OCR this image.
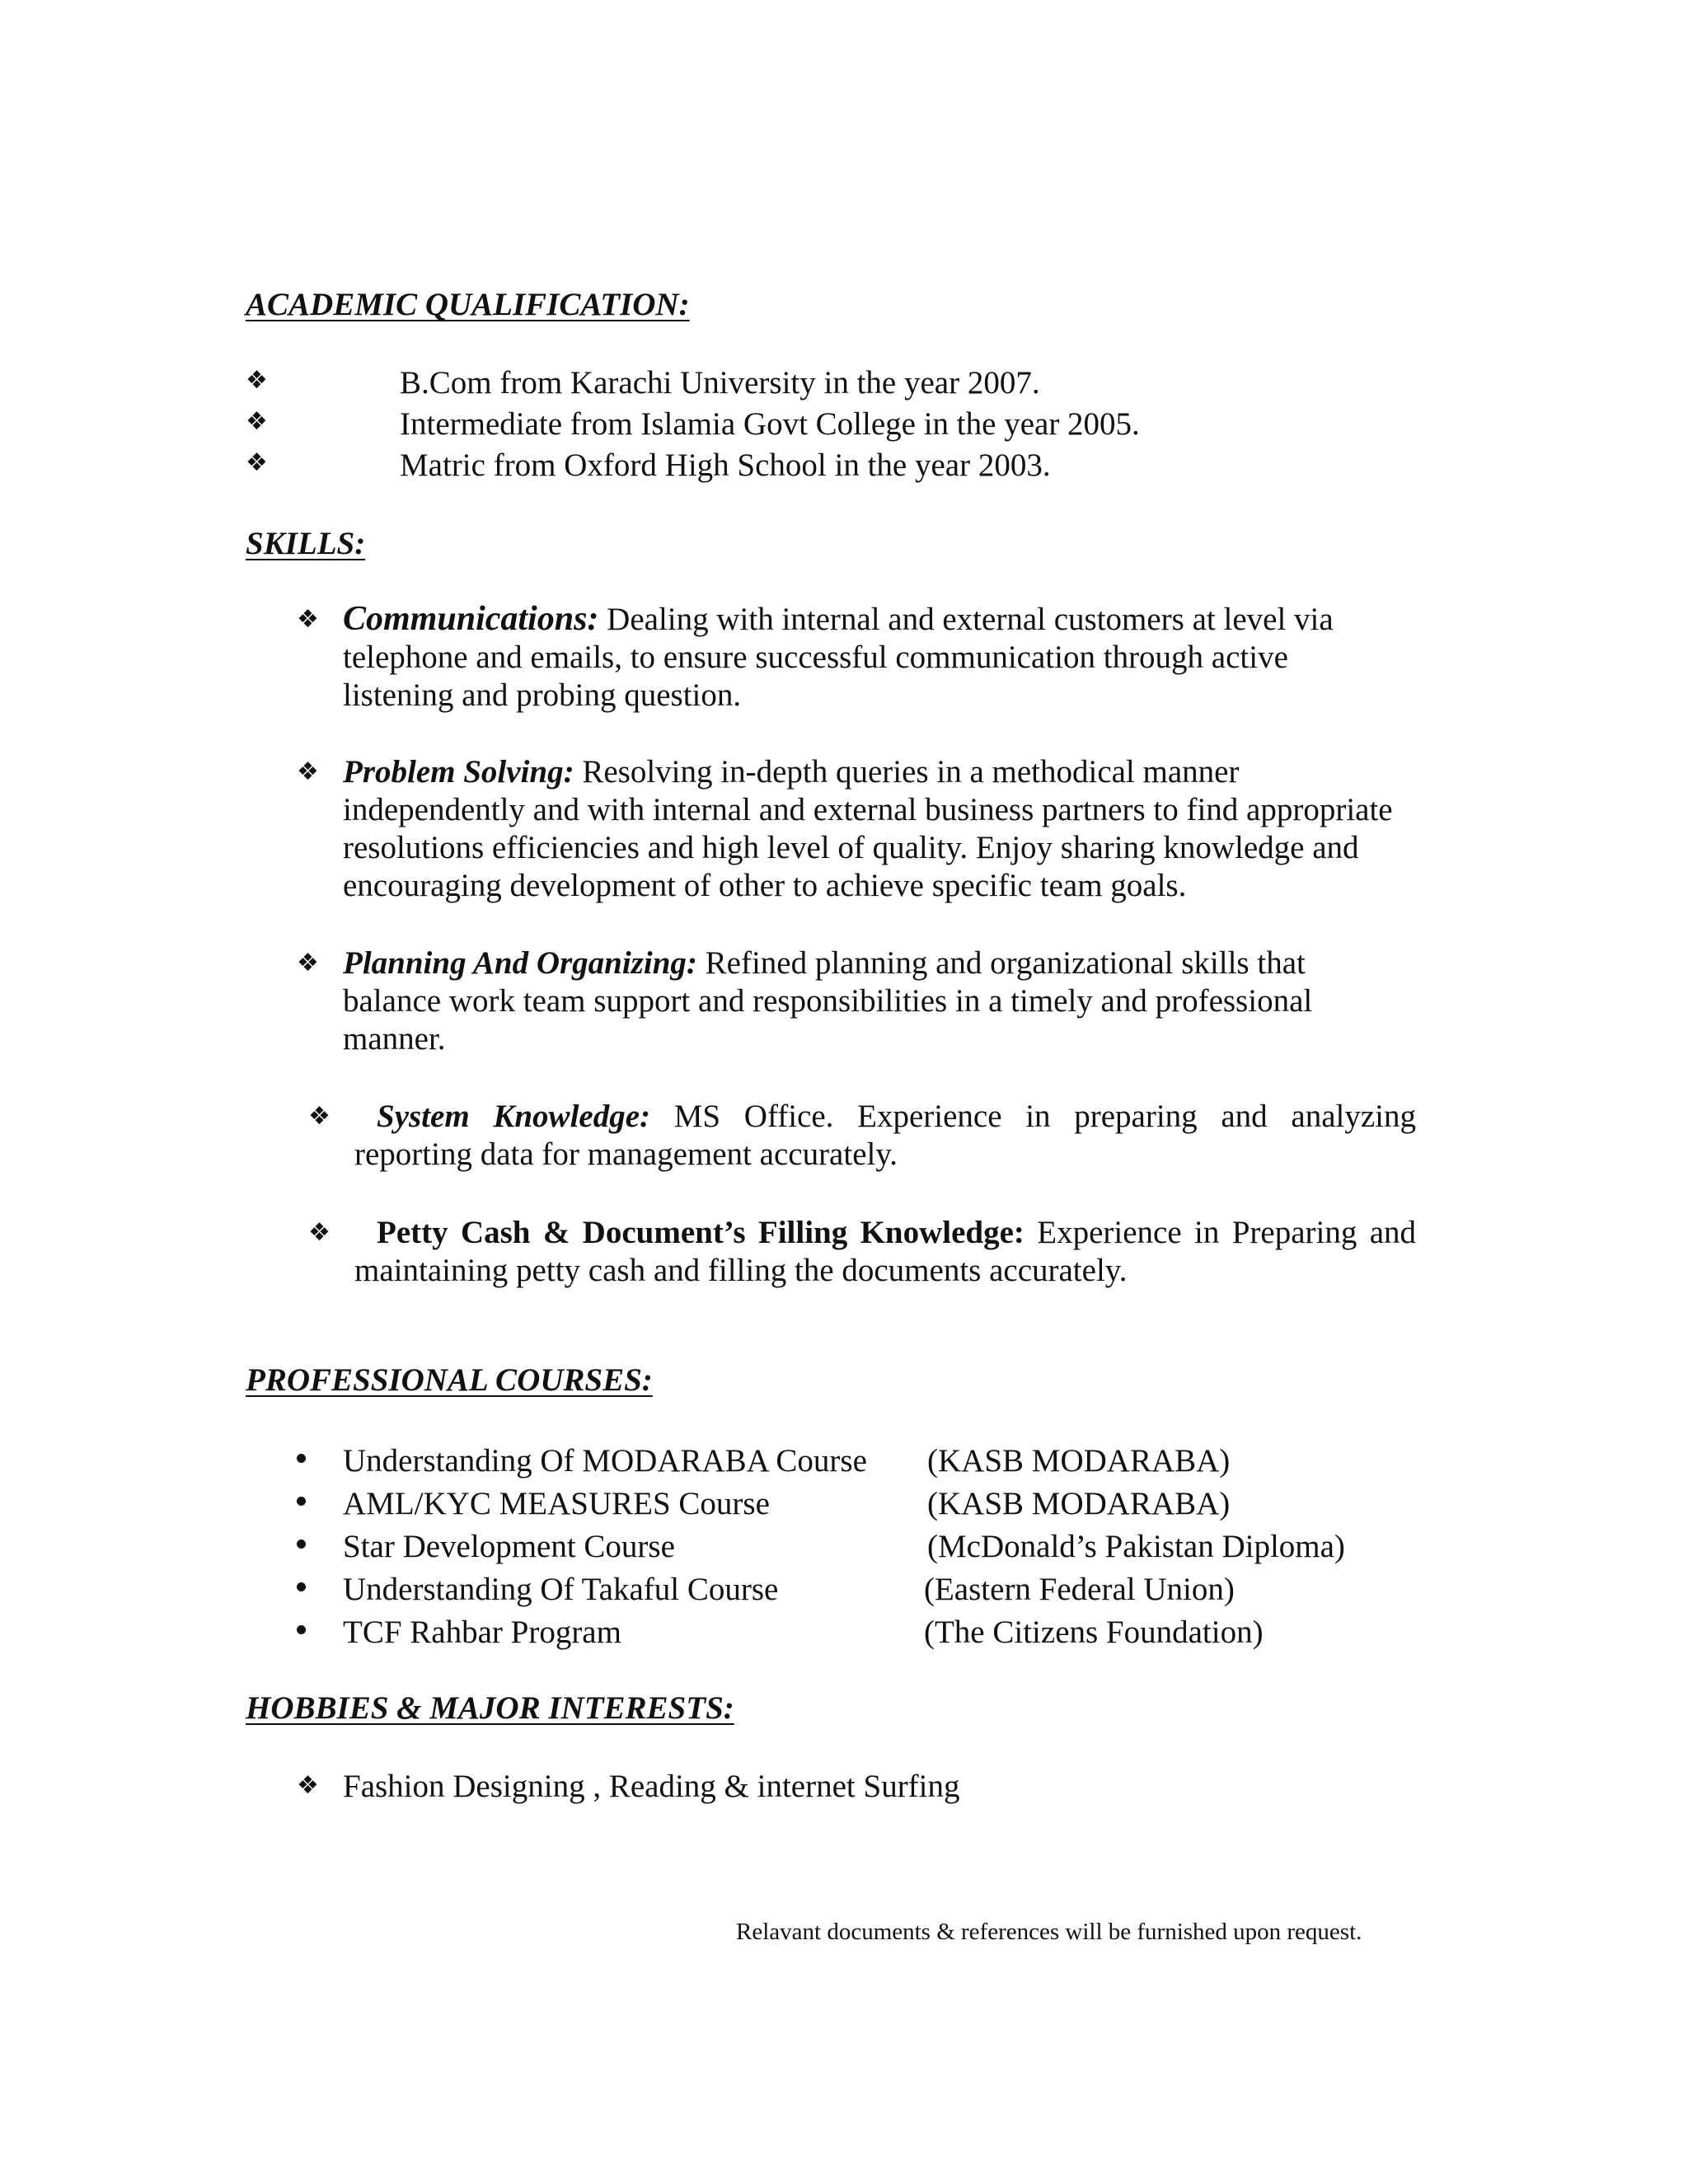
ACADEMIC QUALIFICATION:
❖	B.Com from Karachi University in the year 2007.
❖	Intermediate from Islamia Govt College in the year 2005.
❖	Matric from Oxford High School in the year 2003.
SKILLS:
❖ Communications: Dealing with internal and external customers at level via
telephone and emails, to ensure successful communication through active
listening and probing question.
❖ Problem Solving: Resolving in-depth queries in a methodical manner
independently and with internal and external business partners to find appropriate
resolutions efficiencies and high level of quality. Enjoy sharing knowledge and
encouraging development of other to achieve specific team goals.
❖ Planning And Organizing: Refined planning and organizational skills that
balance work team support and responsibilities in a timely and professional
manner.
❖	System Knowledge: MS Office. Experience in preparing and analyzing
reporting data for management accurately.
❖	Petty Cash & Document’s Filling Knowledge: Experience in Preparing and
maintaining petty cash and filling the documents accurately.
PROFESSIONAL COURSES:
Understanding Of MODARABA Course (KASB MODARABA)
AML/KYC MEASURES Course	(KASB MODARABA)
Star Development Course	(McDonald’s Pakistan Diploma)
Understanding Of Takaful Course	(Eastern Federal Union)
TCF Rahbar Program	(The Citizens Foundation)
HOBBIES & MAJOR INTERESTS:
❖ Fashion Designing , Reading & internet Surfing
Relavant documents & references will be furnished upon request.
